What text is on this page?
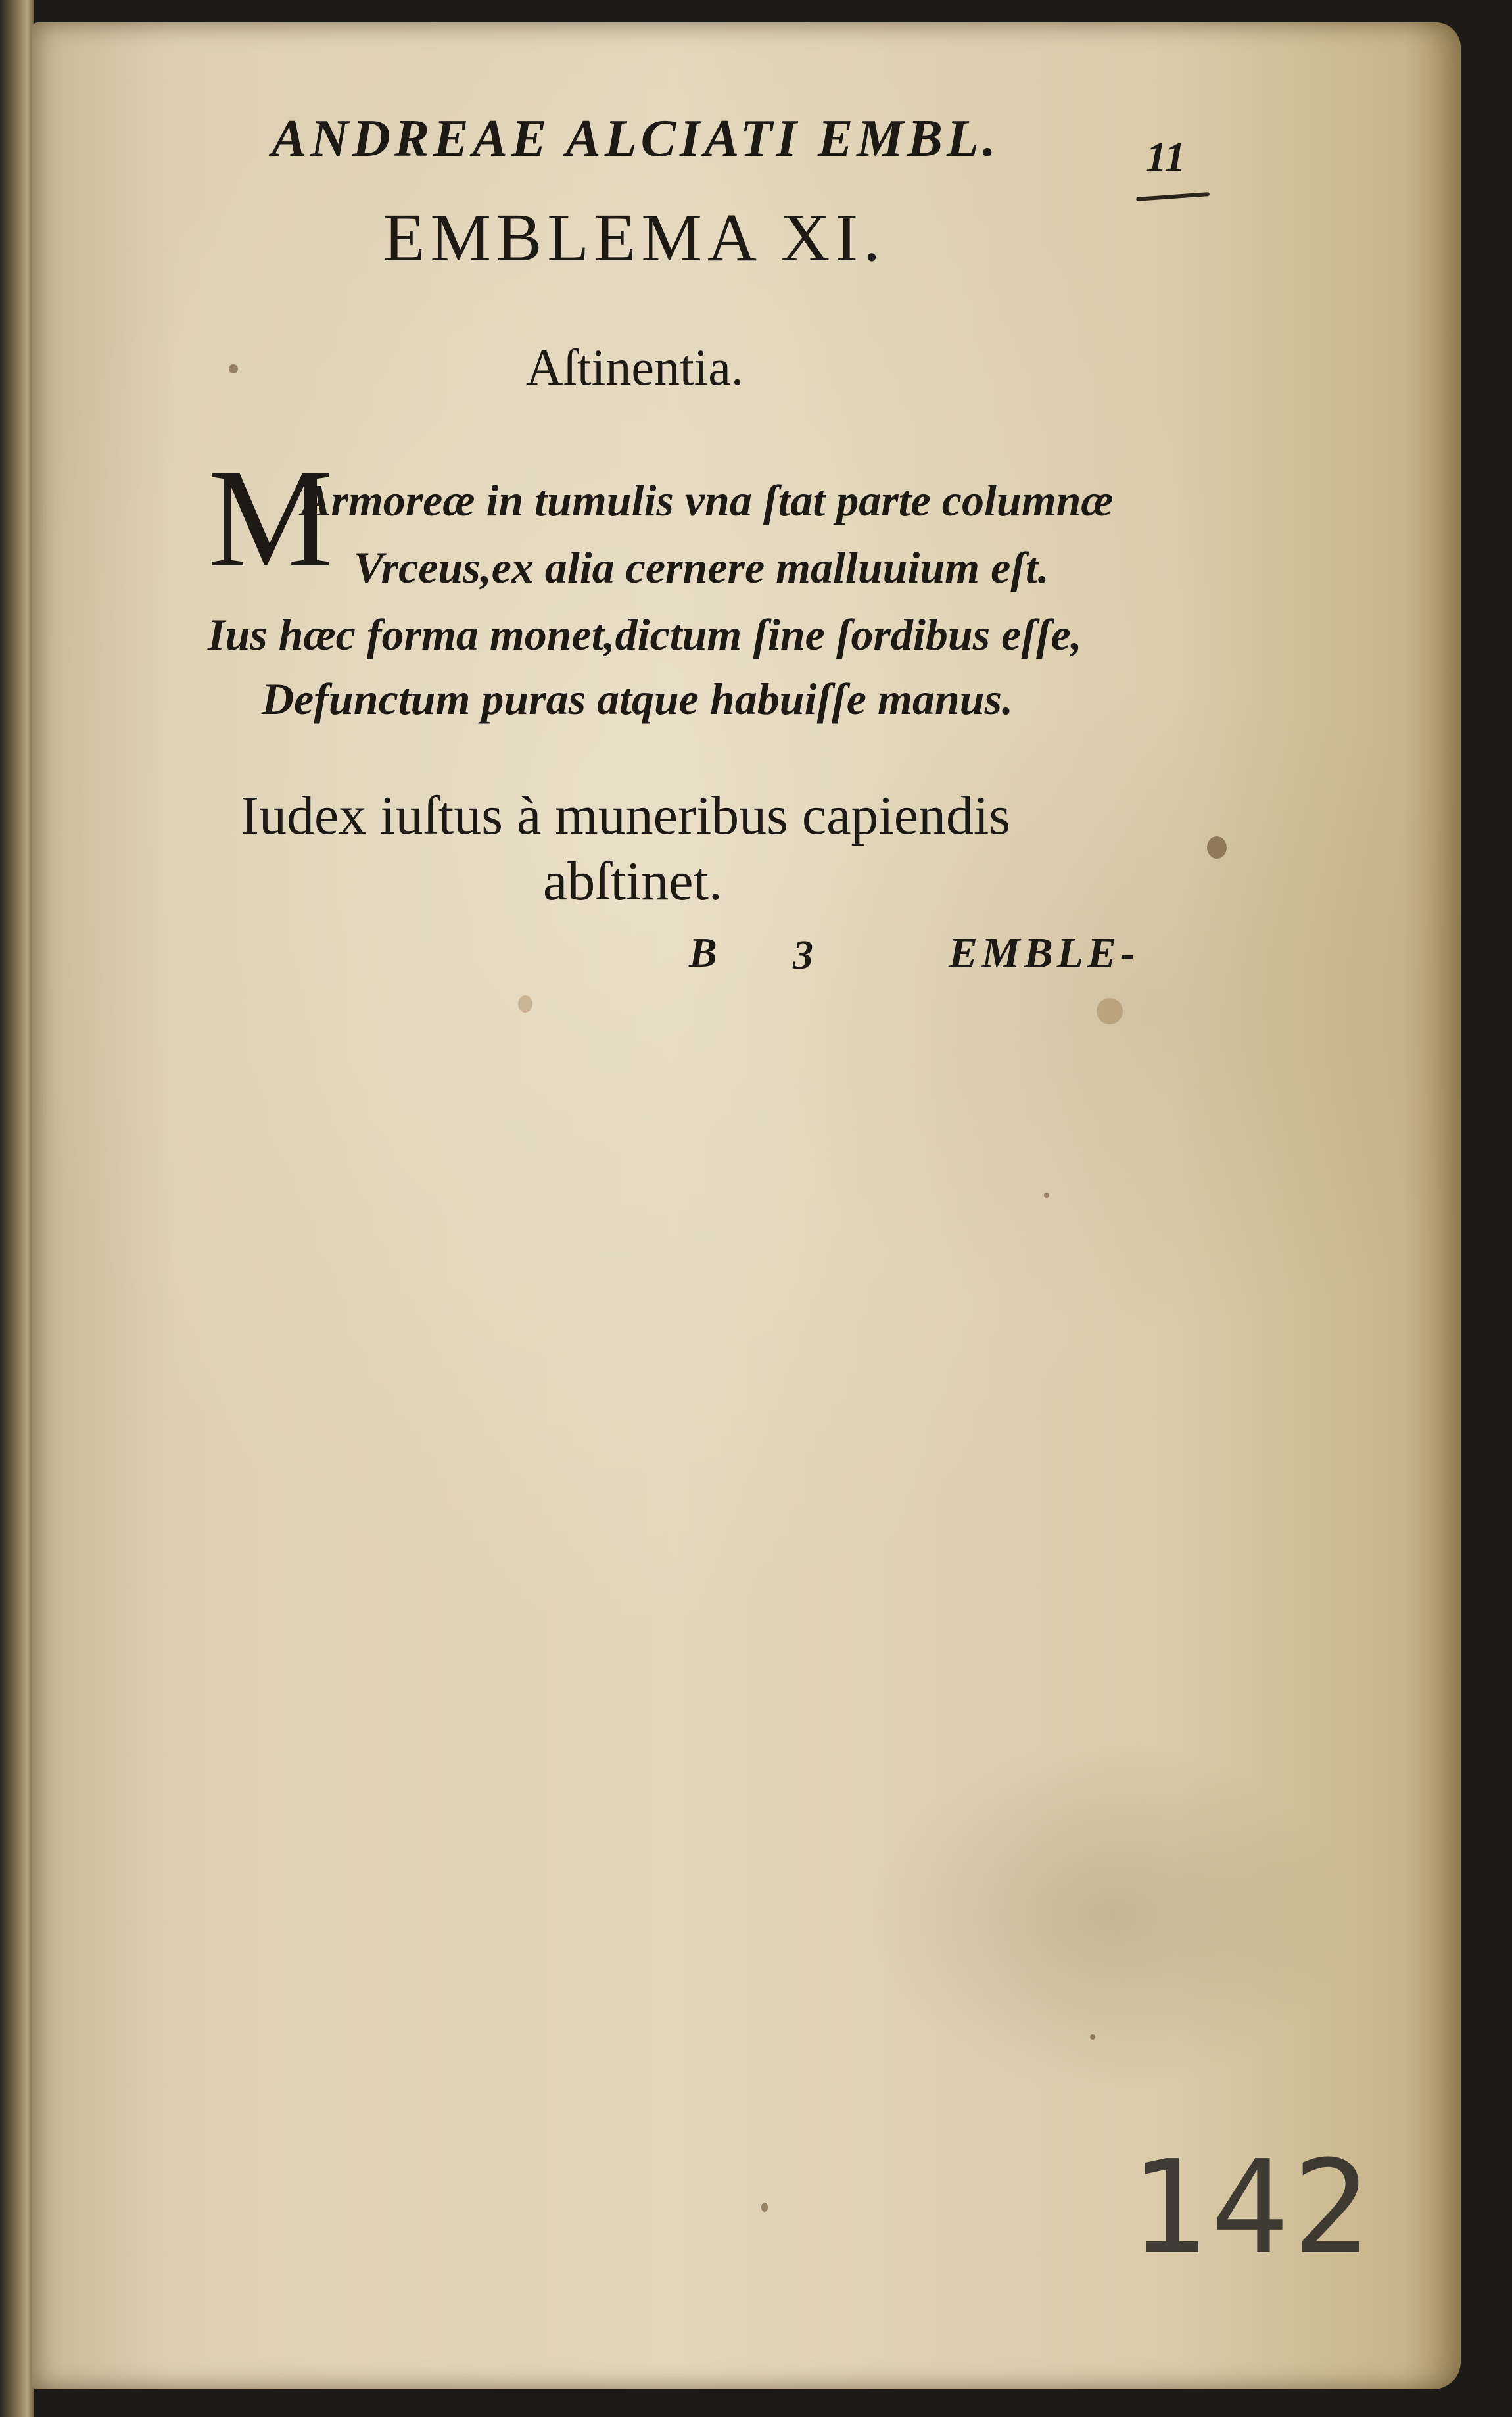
ANDREAE ALCIATI EMBL.	11
EMBLEMA XI.
Aſtinentia.
M
Armoreæ in tumulis vna ſtat parte columnæ
Vrceus,ex alia cernere malluuium eſt.
Ius hæc forma monet,dictum ſine ſordibus eſſe,
Defunctum puras atque habuiſſe manus.
Iudex iuſtus à muneribus capiendis
abſtinet.
B 3	EMBLE-
142
